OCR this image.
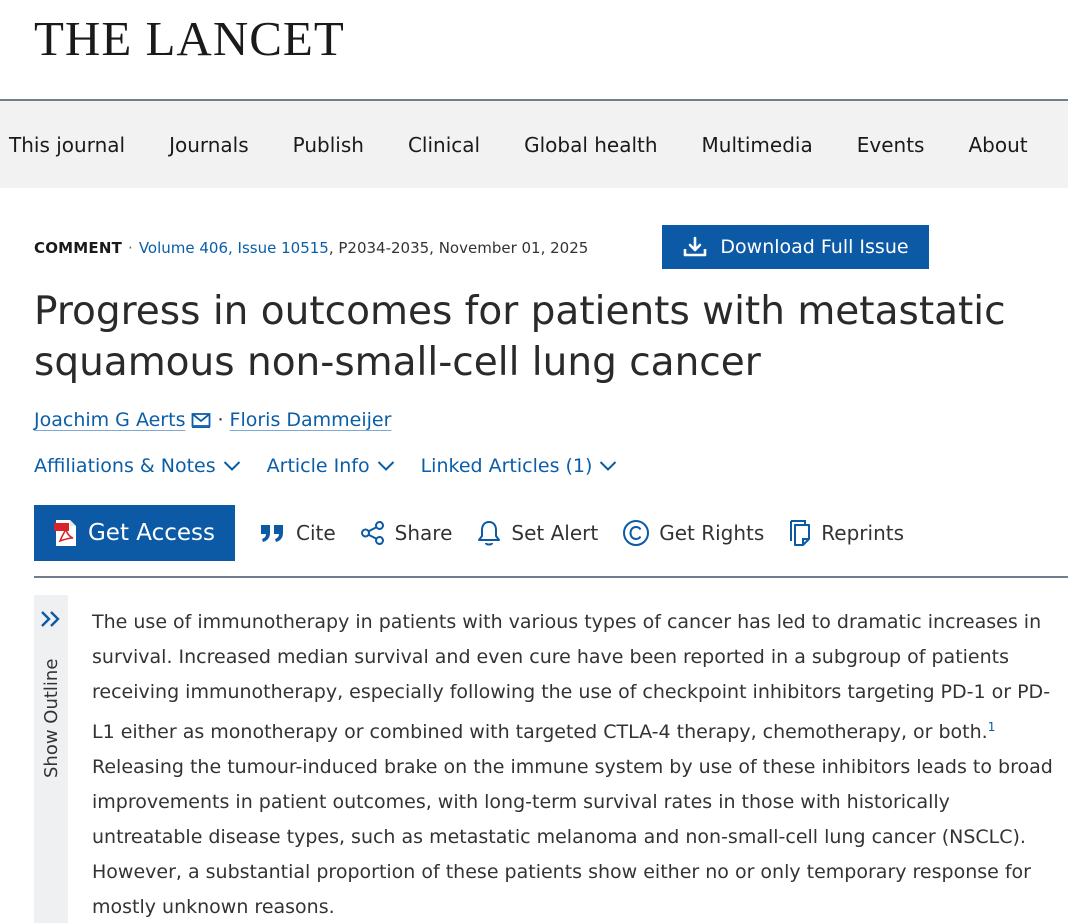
THE LANCET
This journal Journals Publish Clinical Global health Multimedia Events About
COMMENT · Volume 406, Issue 10515, P2034-2035, November 01, 2025	Download Full Issue
Progress in outcomes for patients with metastatic squamous non-small-cell lung cancer
Joachim G Aerts · Floris Dammeijer
Affiliations & Notes	Article Info	Linked Articles (1)
Get Access	Cite	Share	Set Alert	Get Rights	Reprints
Show Outline
The use of immunotherapy in patients with various types of cancer has led to dramatic increases in survival. Increased median survival and even cure have been reported in a subgroup of patients receiving immunotherapy, especially following the use of checkpoint inhibitors targeting PD-1 or PD-L1 either as monotherapy or combined with targeted CTLA-4 therapy, chemotherapy, or both.$^1$ Releasing the tumour-induced brake on the immune system by use of these inhibitors leads to broad improvements in patient outcomes, with long-term survival rates in those with historically untreatable disease types, such as metastatic melanoma and non-small-cell lung cancer (NSCLC). However, a substantial proportion of these patients show either no or only temporary response for mostly unknown reasons.
